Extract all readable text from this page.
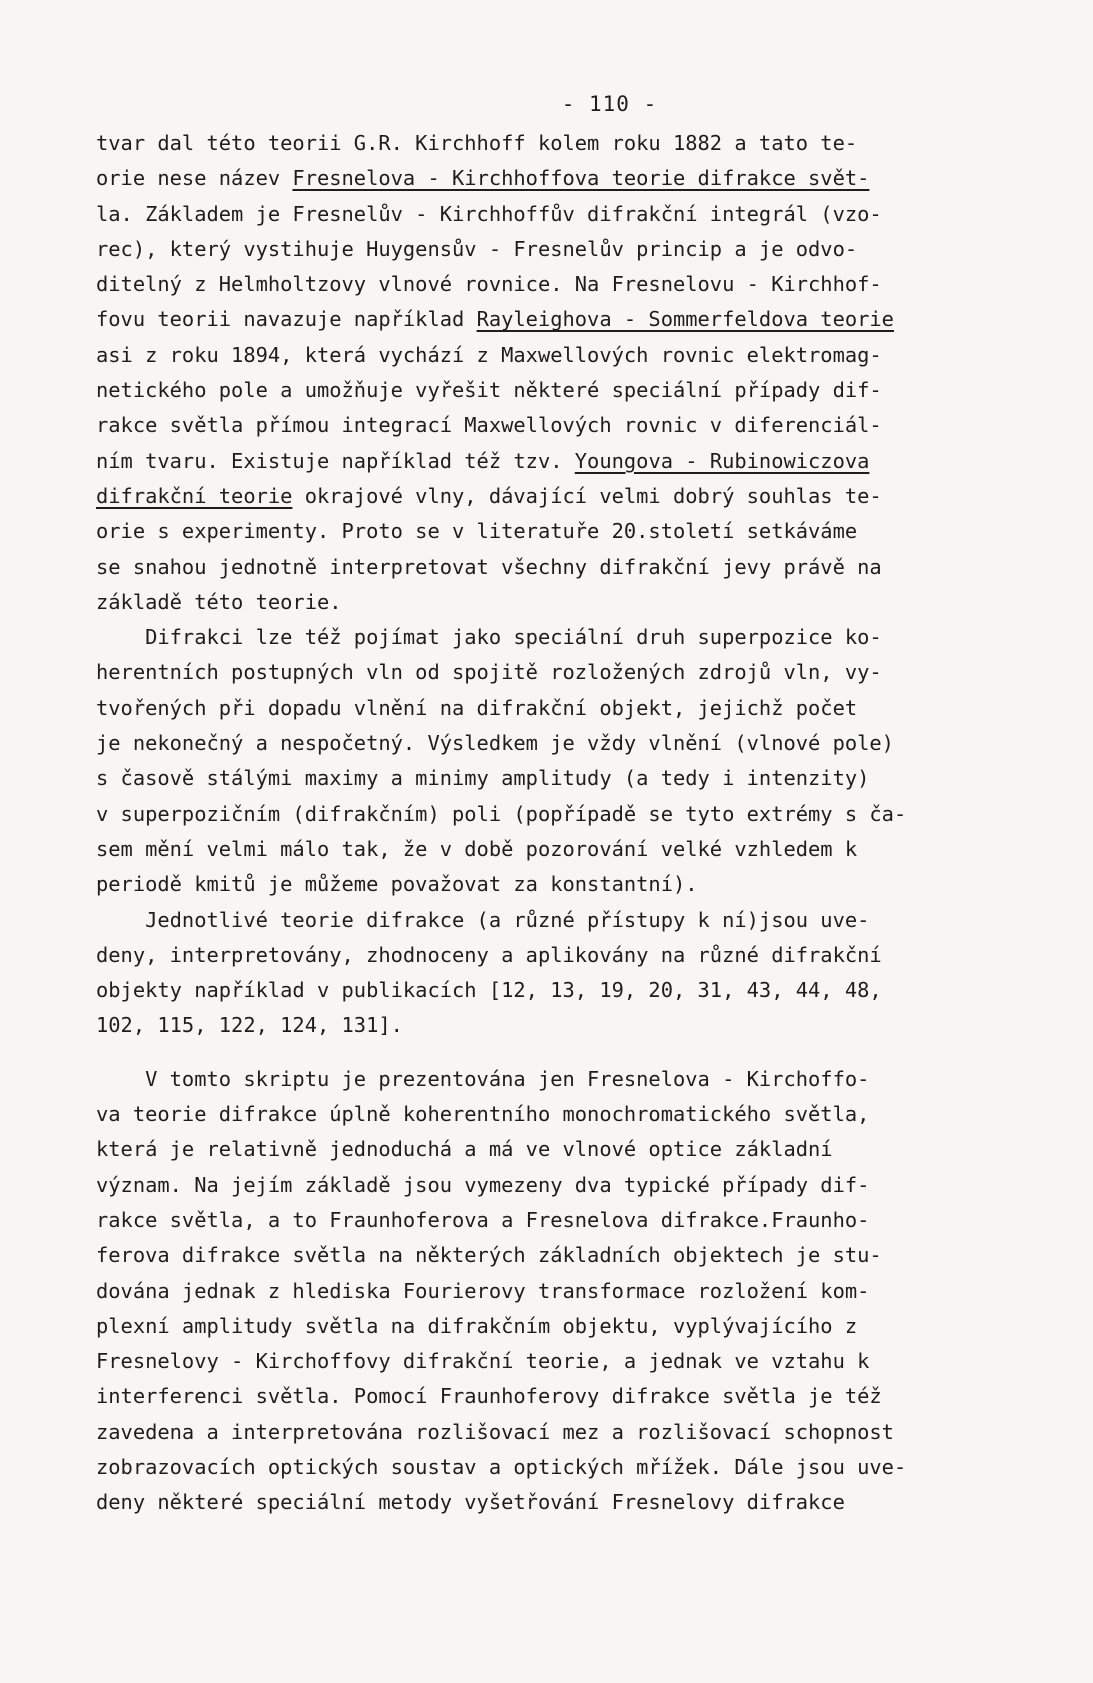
- 110 -
tvar dal této teorii G.R. Kirchhoff kolem roku 1882 a tato te-
orie nese název Fresnelova - Kirchhoffova teorie difrakce svět-
la. Základem je Fresnelův - Kirchhoffův difrakční integrál (vzo-
rec), který vystihuje Huygensův - Fresnelův princip a je odvo-
ditelný z Helmholtzovy vlnové rovnice. Na Fresnelovu - Kirchhof-
fovu teorii navazuje například Rayleighova - Sommerfeldova teorie
asi z roku 1894, která vychází z Maxwellových rovnic elektromag-
netického pole a umožňuje vyřešit některé speciální případy dif-
rakce světla přímou integrací Maxwellových rovnic v diferenciál-
ním tvaru. Existuje například též tzv. Youngova - Rubinowiczova
difrakční teorie okrajové vlny, dávající velmi dobrý souhlas te-
orie s experimenty. Proto se v literatuře 20.století setkáváme
se snahou jednotně interpretovat všechny difrakční jevy právě na
základě této teorie.
Difrakci lze též pojímat jako speciální druh superpozice ko-
herentních postupných vln od spojitě rozložených zdrojů vln, vy-
tvořených při dopadu vlnění na difrakční objekt, jejichž počet
je nekonečný a nespočetný. Výsledkem je vždy vlnění (vlnové pole)
s časově stálými maximy a minimy amplitudy (a tedy i intenzity)
v superpozičním (difrakčním) poli (popřípadě se tyto extrémy s ča-
sem mění velmi málo tak, že v době pozorování velké vzhledem k
periodě kmitů je můžeme považovat za konstantní).
Jednotlivé teorie difrakce (a různé přístupy k ní)jsou uve-
deny, interpretovány, zhodnoceny a aplikovány na různé difrakční
objekty například v publikacích [12, 13, 19, 20, 31, 43, 44, 48,
102, 115, 122, 124, 131].
V tomto skriptu je prezentována jen Fresnelova - Kirchoffo-
va teorie difrakce úplně koherentního monochromatického světla,
která je relativně jednoduchá a má ve vlnové optice základní
význam. Na jejím základě jsou vymezeny dva typické případy dif-
rakce světla, a to Fraunhoferova a Fresnelova difrakce.Fraunho-
ferova difrakce světla na některých základních objektech je stu-
dována jednak z hlediska Fourierovy transformace rozložení kom-
plexní amplitudy světla na difrakčním objektu, vyplývajícího z
Fresnelovy - Kirchoffovy difrakční teorie, a jednak ve vztahu k
interferenci světla. Pomocí Fraunhoferovy difrakce světla je též
zavedena a interpretována rozlišovací mez a rozlišovací schopnost
zobrazovacích optických soustav a optických mřížek. Dále jsou uve-
deny některé speciální metody vyšetřování Fresnelovy difrakce
